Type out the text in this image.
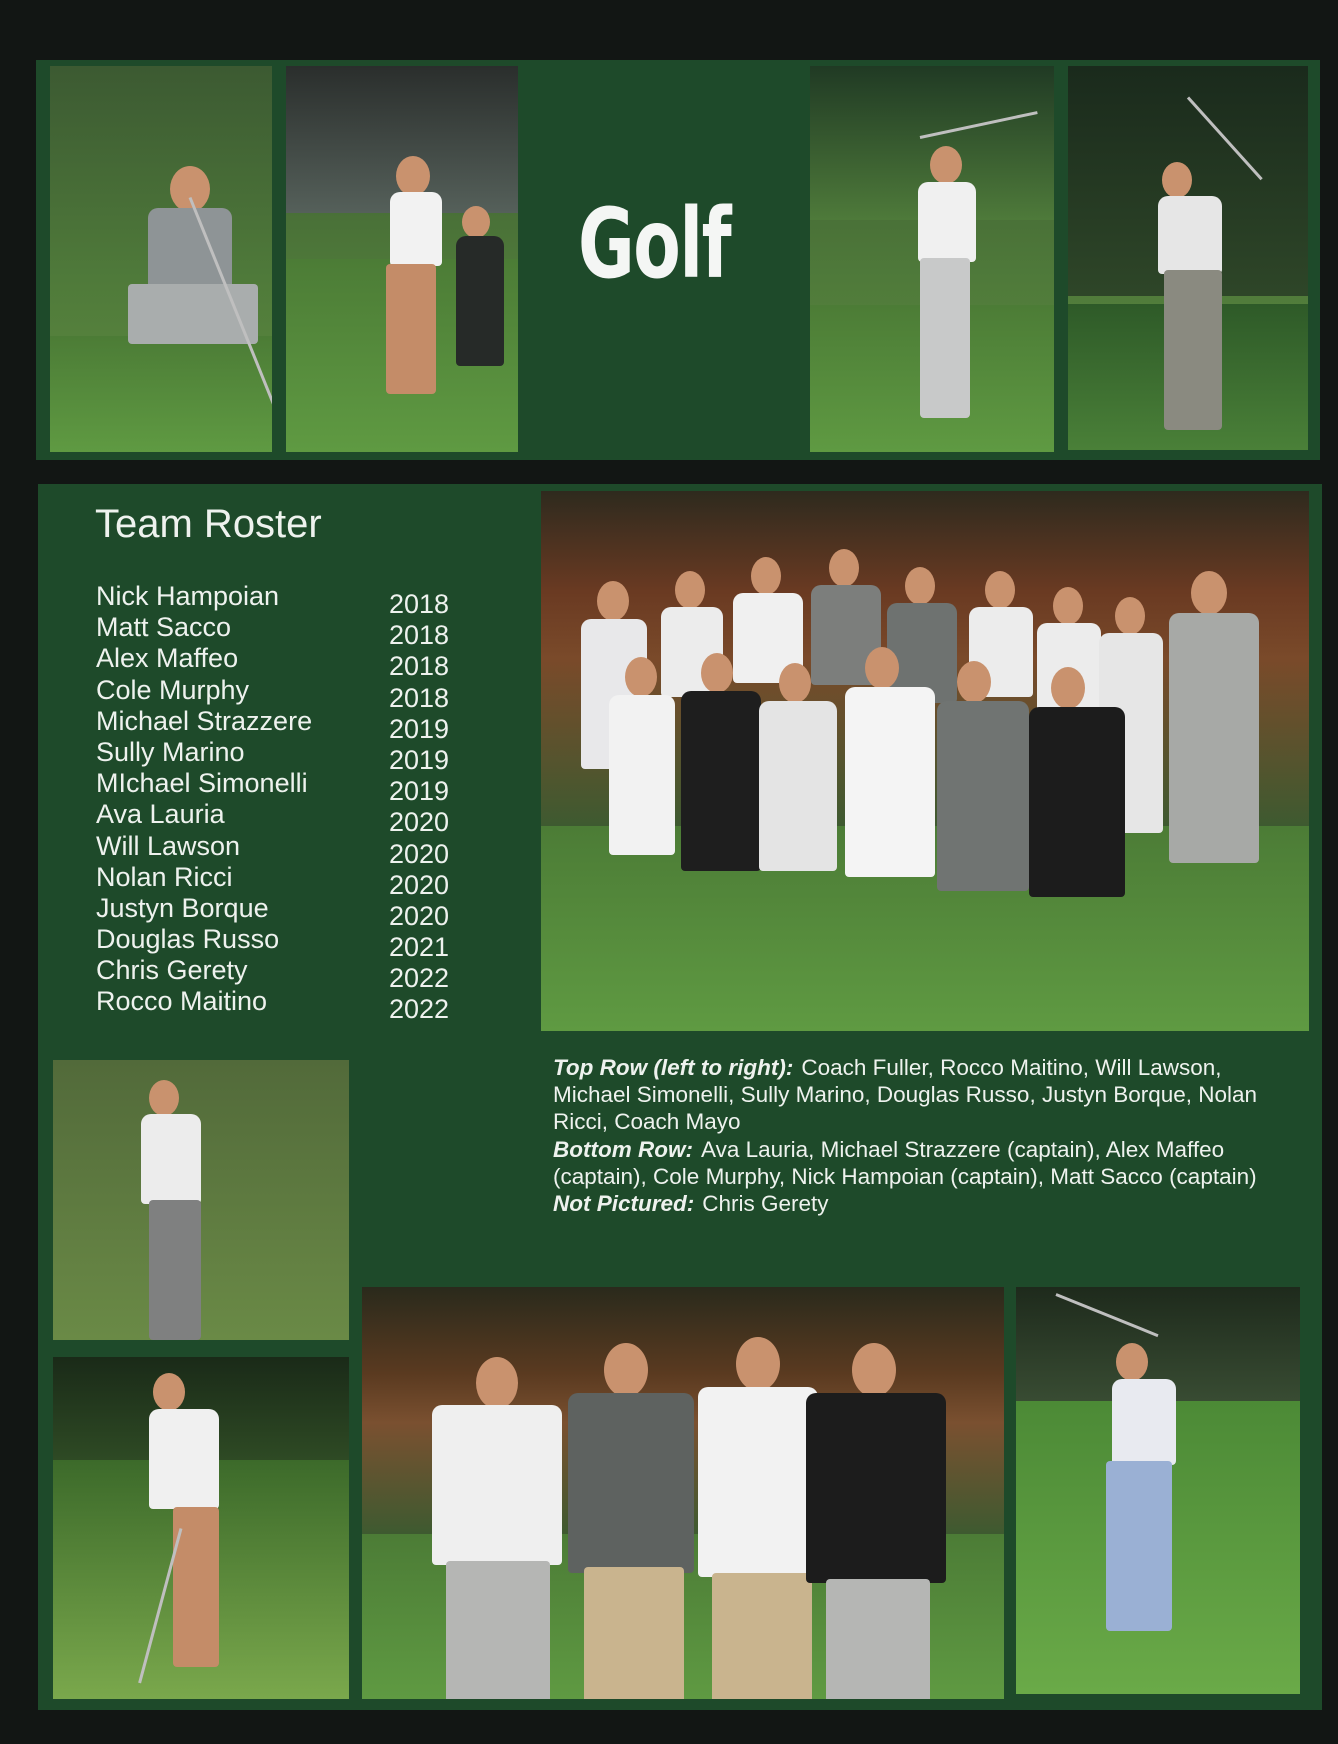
Golf
Team Roster
Nick Hampoian	2018
Matt Sacco	2018
Alex Maffeo	2018
Cole Murphy	2018
Michael Strazzere	2019
Sully Marino	2019
MIchael Simonelli	2019
Ava Lauria	2020
Will Lawson	2020
Nolan Ricci	2020
Justyn Borque	2020
Douglas Russo	2021
Chris Gerety	2022
Rocco Maitino	2022

Top Row (left to right): Coach Fuller, Rocco Maitino, Will Lawson, Michael Simonelli, Sully Marino, Douglas Russo, Justyn Borque, Nolan Ricci, Coach Mayo

Bottom Row: Ava Lauria, Michael Strazzere (captain), Alex Maffeo (captain), Cole Murphy, Nick Hampoian (captain), Matt Sacco (captain)

Not Pictured: Chris Gerety
